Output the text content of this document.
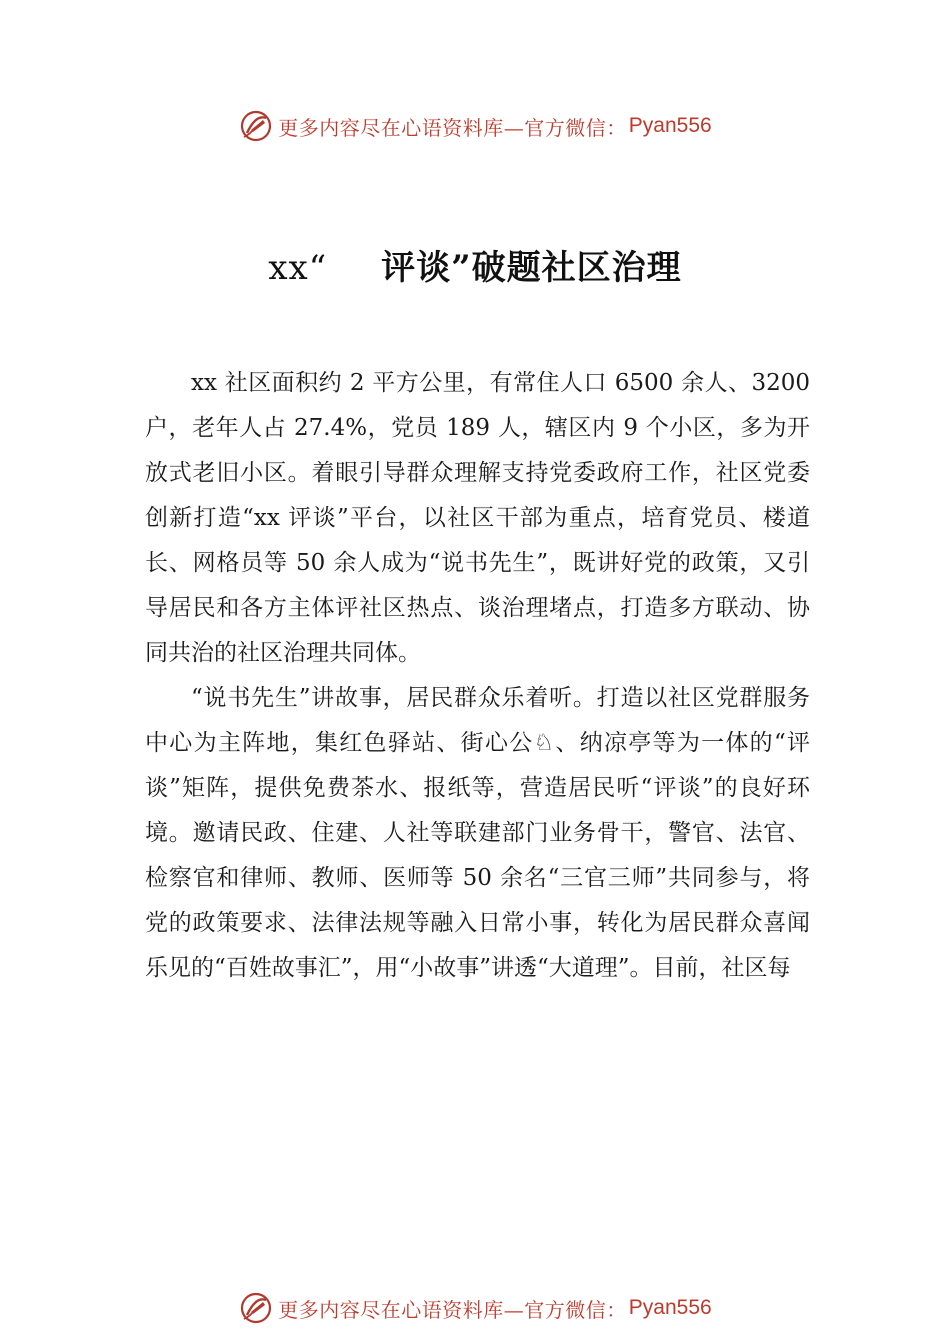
更多内容尽在心语资料库—官方微信： Pyan556
xx“ 评谈”破题社区治理

xx 社区面积约 2 平方公里，有常住人口 6500 余人、3200 户，老年人占 27.4%，党员 189 人，辖区内 9 个小区，多为开放式老旧小区。着眼引导群众理解支持党委政府工作，社区党委创新打造“xx 评谈”平台，以社区干部为重点，培育党员、楼道长、网格员等 50 余人成为“说书先生”，既讲好党的政策，又引导居民和各方主体评社区热点、谈治理堵点，打造多方联动、协同共治的社区治理共同体。

“说书先生”讲故事，居民群众乐着听。打造以社区党群服务中心为主阵地，集红色驿站、街心公♘、纳凉亭等为一体的“评谈”矩阵，提供免费茶水、报纸等，营造居民听“评谈”的良好环境。邀请民政、住建、人社等联建部门业务骨干，警官、法官、检察官和律师、教师、医师等 50 余名“三官三师”共同参与，将党的政策要求、法律法规等融入日常小事，转化为居民群众喜闻乐见的“百姓故事汇”，用“小故事”讲透“大道理”。目前，社区每

更多内容尽在心语资料库—官方微信： Pyan556
